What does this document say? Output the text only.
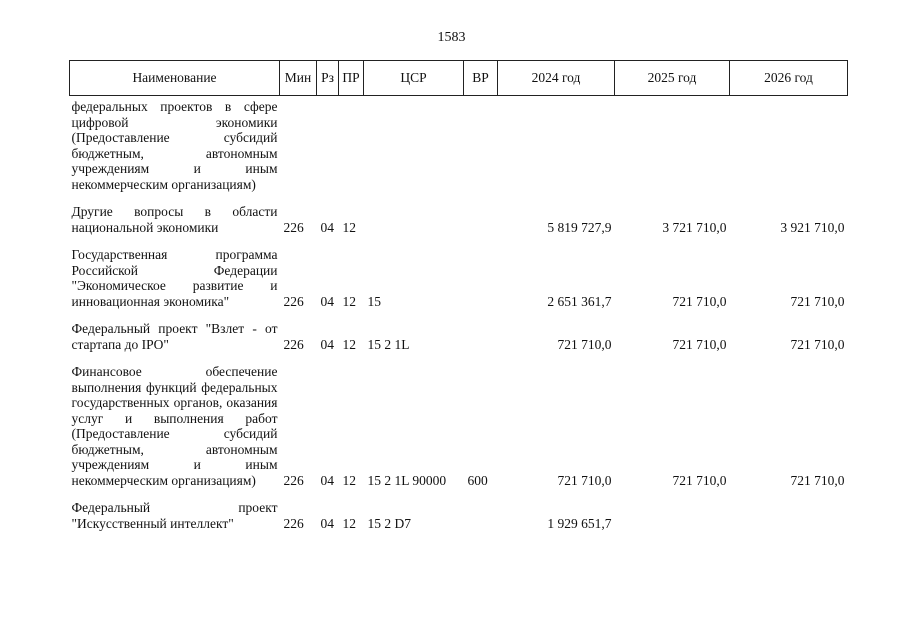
1583
Наименование	Мин	Рз	ПР	ЦСР	ВР	2024 год	2025 год	2026 год
федеральных проектов в сфере цифровой экономики (Предоставление субсидий бюджетным, автономным учреждениям и иным некоммерческим организациям)								

Другие вопросы в области национальной экономики	226	04	12			5 819 727,9	3 721 710,0	3 921 710,0

Государственная программа Российской Федерации "Экономическое развитие и инновационная экономика"	226	04	12	15		2 651 361,7	721 710,0	721 710,0

Федеральный проект "Взлет - от стартапа до IPO"	226	04	12	15 2 1L		721 710,0	721 710,0	721 710,0

Финансовое обеспечение выполнения функций федеральных государственных органов, оказания услуг и выполнения работ (Предоставление субсидий бюджетным, автономным учреждениям и иным некоммерческим организациям)	226	04	12	15 2 1L 90000	600	721 710,0	721 710,0	721 710,0

Федеральный проект "Искусственный интеллект"	226	04	12	15 2 D7		1 929 651,7		
